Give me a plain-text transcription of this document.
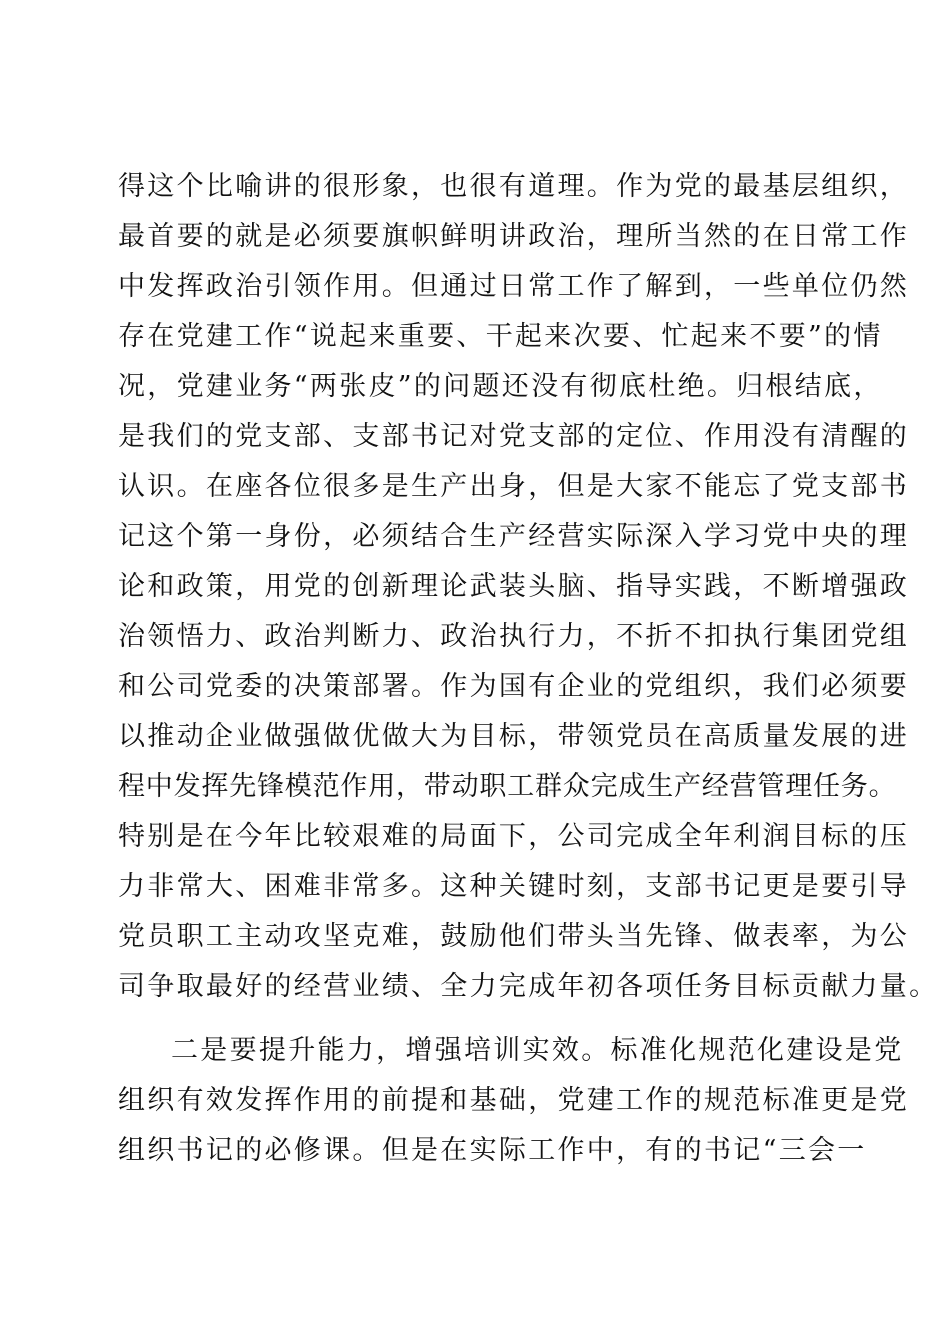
得这个比喻讲的很形象，也很有道理。作为党的最基层组织，
最首要的就是必须要旗帜鲜明讲政治，理所当然的在日常工作
中发挥政治引领作用。但通过日常工作了解到，一些单位仍然
存在党建工作“说起来重要、干起来次要、忙起来不要”的情
况，党建业务“两张皮”的问题还没有彻底杜绝。归根结底，
是我们的党支部、支部书记对党支部的定位、作用没有清醒的
认识。在座各位很多是生产出身，但是大家不能忘了党支部书
记这个第一身份，必须结合生产经营实际深入学习党中央的理
论和政策，用党的创新理论武装头脑、指导实践，不断增强政
治领悟力、政治判断力、政治执行力，不折不扣执行集团党组
和公司党委的决策部署。作为国有企业的党组织，我们必须要
以推动企业做强做优做大为目标，带领党员在高质量发展的进
程中发挥先锋模范作用，带动职工群众完成生产经营管理任务。
特别是在今年比较艰难的局面下，公司完成全年利润目标的压
力非常大、困难非常多。这种关键时刻，支部书记更是要引导
党员职工主动攻坚克难，鼓励他们带头当先锋、做表率，为公
司争取最好的经营业绩、全力完成年初各项任务目标贡献力量。
二是要提升能力，增强培训实效。标准化规范化建设是党
组织有效发挥作用的前提和基础，党建工作的规范标准更是党
组织书记的必修课。但是在实际工作中，有的书记“三会一
